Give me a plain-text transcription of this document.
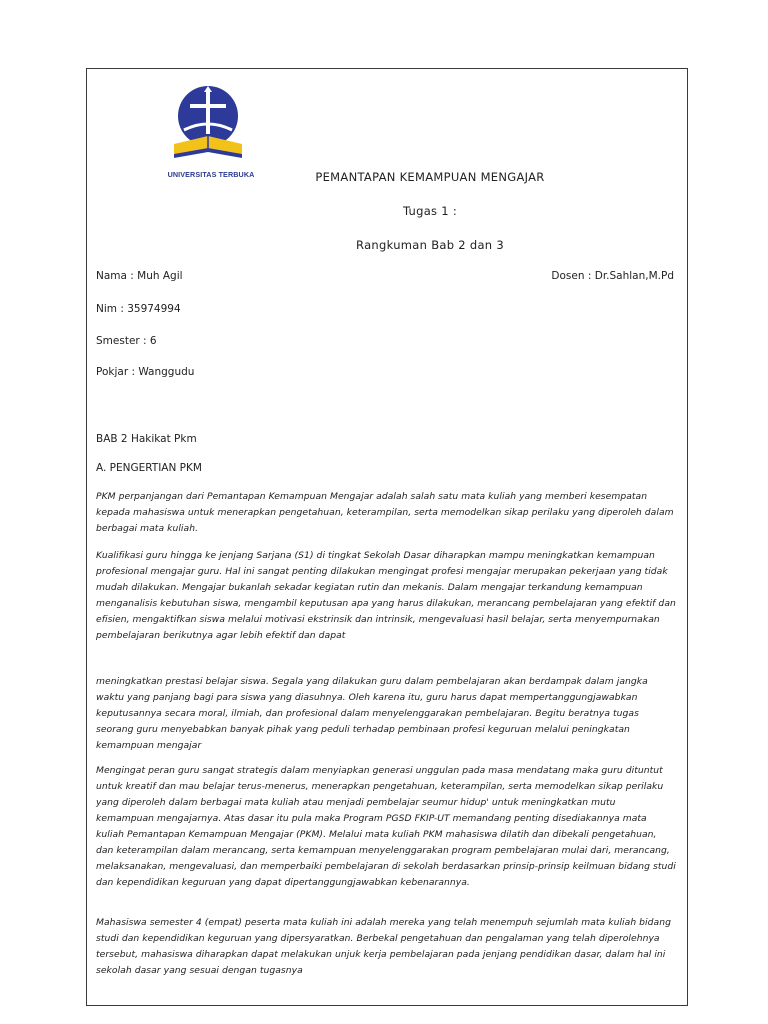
UNIVERSITAS TERBUKA	PEMANTAPAN KEMAMPUAN MENGAJAR
Tugas 1 :
Rangkuman Bab 2 dan 3
Nama : Muh Agil	Dosen : Dr.Sahlan,M.Pd
Nim : 35974994
Smester : 6
Pokjar : Wanggudu
BAB 2 Hakikat Pkm
A. PENGERTIAN PKM
PKM perpanjangan dari Pemantapan Kemampuan Mengajar adalah salah satu mata kuliah yang memberi kesempatan kepada mahasiswa untuk menerapkan pengetahuan, keterampilan, serta memodelkan sikap perilaku yang diperoleh dalam berbagai mata kuliah.
Kualifikasi guru hingga ke jenjang Sarjana (S1) di tingkat Sekolah Dasar diharapkan mampu meningkatkan kemampuan profesional mengajar guru. Hal ini sangat penting dilakukan mengingat profesi mengajar merupakan pekerjaan yang tidak mudah dilakukan. Mengajar bukanlah sekadar kegiatan rutin dan mekanis. Dalam mengajar terkandung kemampuan menganalisis kebutuhan siswa, mengambil keputusan apa yang harus dilakukan, merancang pembelajaran yang efektif dan efisien, mengaktifkan siswa melalui motivasi ekstrinsik dan intrinsik, mengevaluasi hasil belajar, serta menyempurnakan pembelajaran berikutnya agar lebih efektif dan dapat
meningkatkan prestasi belajar siswa. Segala yang dilakukan guru dalam pembelajaran akan berdampak dalam jangka waktu yang panjang bagi para siswa yang diasuhnya. Oleh karena itu, guru harus dapat mempertanggungjawabkan keputusannya secara moral, ilmiah, dan profesional dalam menyelenggarakan pembelajaran. Begitu beratnya tugas seorang guru menyebabkan banyak pihak yang peduli terhadap pembinaan profesi keguruan melalui peningkatan kemampuan mengajar
Mengingat peran guru sangat strategis dalam menyiapkan generasi unggulan pada masa mendatang maka guru dituntut untuk kreatif dan mau belajar terus-menerus, menerapkan pengetahuan, keterampilan, serta memodelkan sikap perilaku yang diperoleh dalam berbagai mata kuliah atau menjadi pembelajar seumur hidup' untuk meningkatkan mutu kemampuan mengajarnya. Atas dasar itu pula maka Program PGSD FKIP-UT memandang penting disediakannya mata kuliah Pemantapan Kemampuan Mengajar (PKM). Melalui mata kuliah PKM mahasiswa dilatih dan dibekali pengetahuan, dan keterampilan dalam merancang, serta kemampuan menyelenggarakan program pembelajaran mulai dari, merancang, melaksanakan, mengevaluasi, dan memperbaiki pembelajaran di sekolah berdasarkan prinsip-prinsip keilmuan bidang studi dan kependidikan keguruan yang dapat dipertanggungjawabkan kebenarannya.
Mahasiswa semester 4 (empat) peserta mata kuliah ini adalah mereka yang telah menempuh sejumlah mata kuliah bidang studi dan kependidikan keguruan yang dipersyaratkan. Berbekal pengetahuan dan pengalaman yang telah diperolehnya tersebut, mahasiswa diharapkan dapat melakukan unjuk kerja pembelajaran pada jenjang pendidikan dasar, dalam hal ini sekolah dasar yang sesuai dengan tugasnya
